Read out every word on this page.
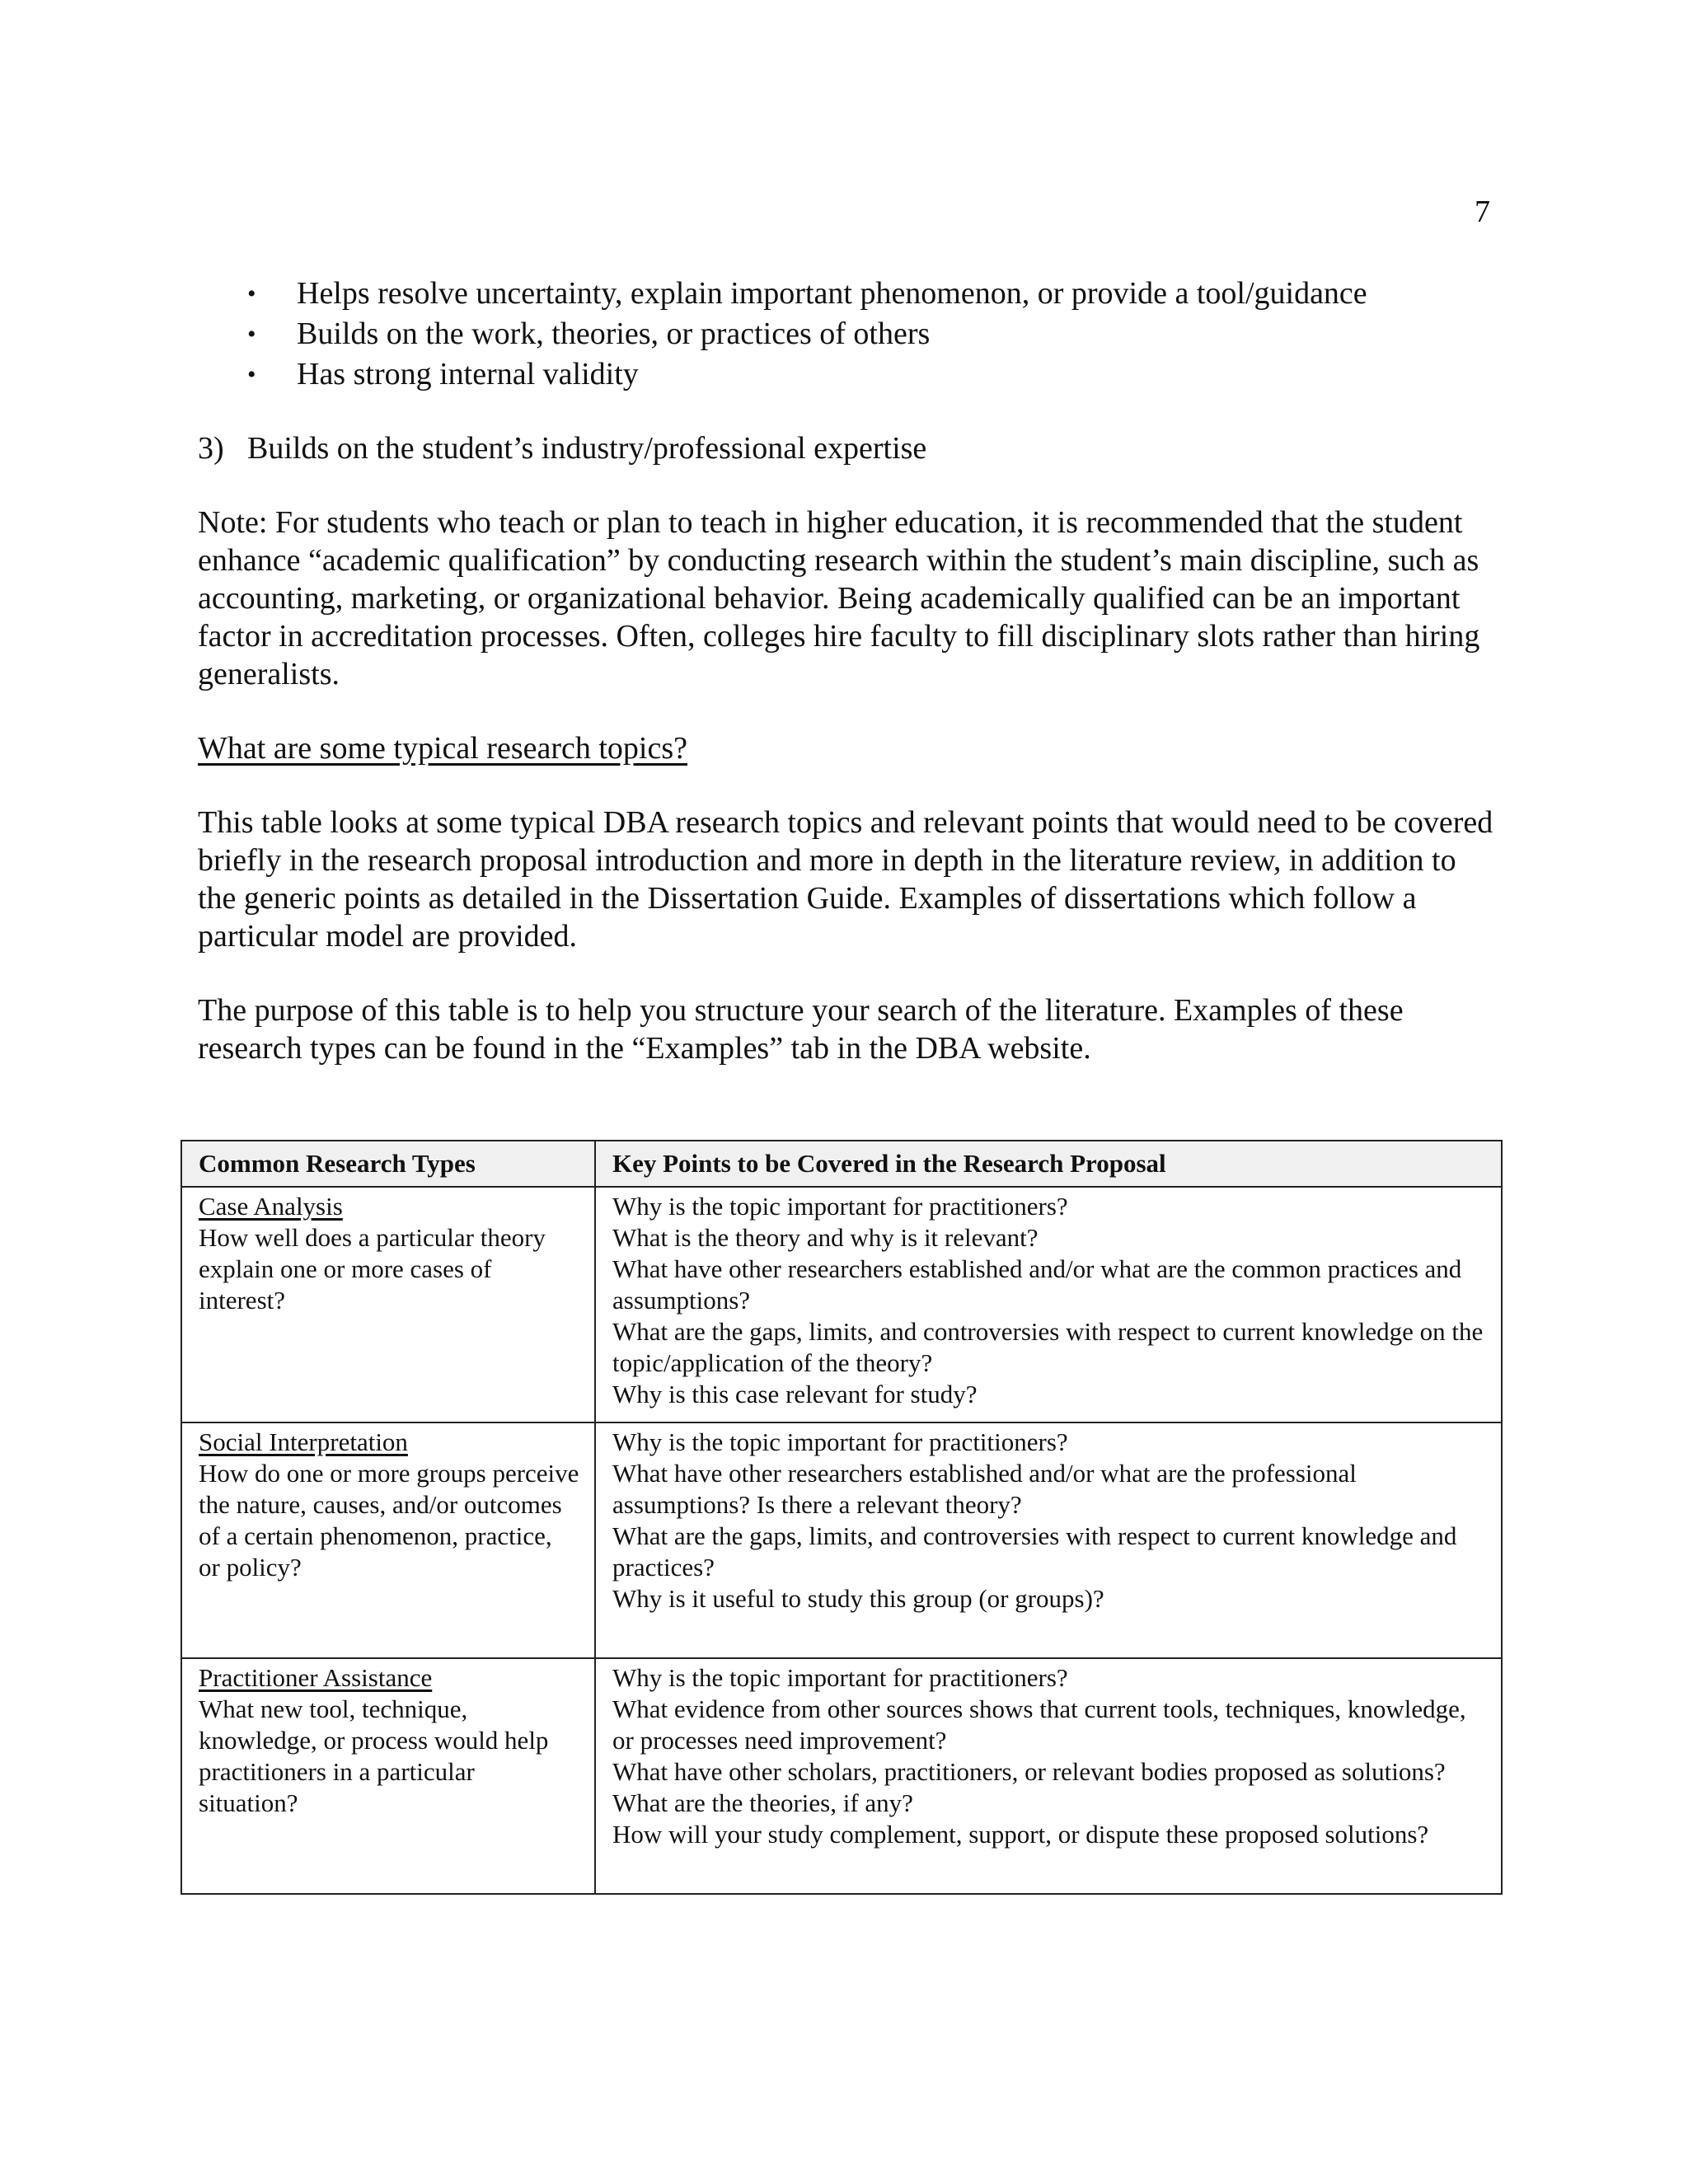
7
• Helps resolve uncertainty, explain important phenomenon, or provide a tool/guidance
• Builds on the work, theories, or practices of others
• Has strong internal validity
3) Builds on the student’s industry/professional expertise
Note: For students who teach or plan to teach in higher education, it is recommended that the student enhance “academic qualification” by conducting research within the student’s main discipline, such as accounting, marketing, or organizational behavior. Being academically qualified can be an important factor in accreditation processes. Often, colleges hire faculty to fill disciplinary slots rather than hiring generalists.
What are some typical research topics?
This table looks at some typical DBA research topics and relevant points that would need to be covered briefly in the research proposal introduction and more in depth in the literature review, in addition to the generic points as detailed in the Dissertation Guide. Examples of dissertations which follow a particular model are provided.
The purpose of this table is to help you structure your search of the literature. Examples of these research types can be found in the “Examples” tab in the DBA website.
Common Research Types	Key Points to be Covered in the Research Proposal

Case Analysis
How well does a particular theory explain one or more cases of interest?	Why is the topic important for practitioners?
What is the theory and why is it relevant?
What have other researchers established and/or what are the common practices and assumptions?
What are the gaps, limits, and controversies with respect to current knowledge on the topic/application of the theory?
Why is this case relevant for study?

Social Interpretation
How do one or more groups perceive the nature, causes, and/or outcomes of a certain phenomenon, practice, or policy?	Why is the topic important for practitioners?
What have other researchers established and/or what are the professional assumptions? Is there a relevant theory?
What are the gaps, limits, and controversies with respect to current knowledge and practices?
Why is it useful to study this group (or groups)?

Practitioner Assistance
What new tool, technique, knowledge, or process would help practitioners in a particular situation?	Why is the topic important for practitioners?
What evidence from other sources shows that current tools, techniques, knowledge, or processes need improvement?
What have other scholars, practitioners, or relevant bodies proposed as solutions? What are the theories, if any?
How will your study complement, support, or dispute these proposed solutions?
